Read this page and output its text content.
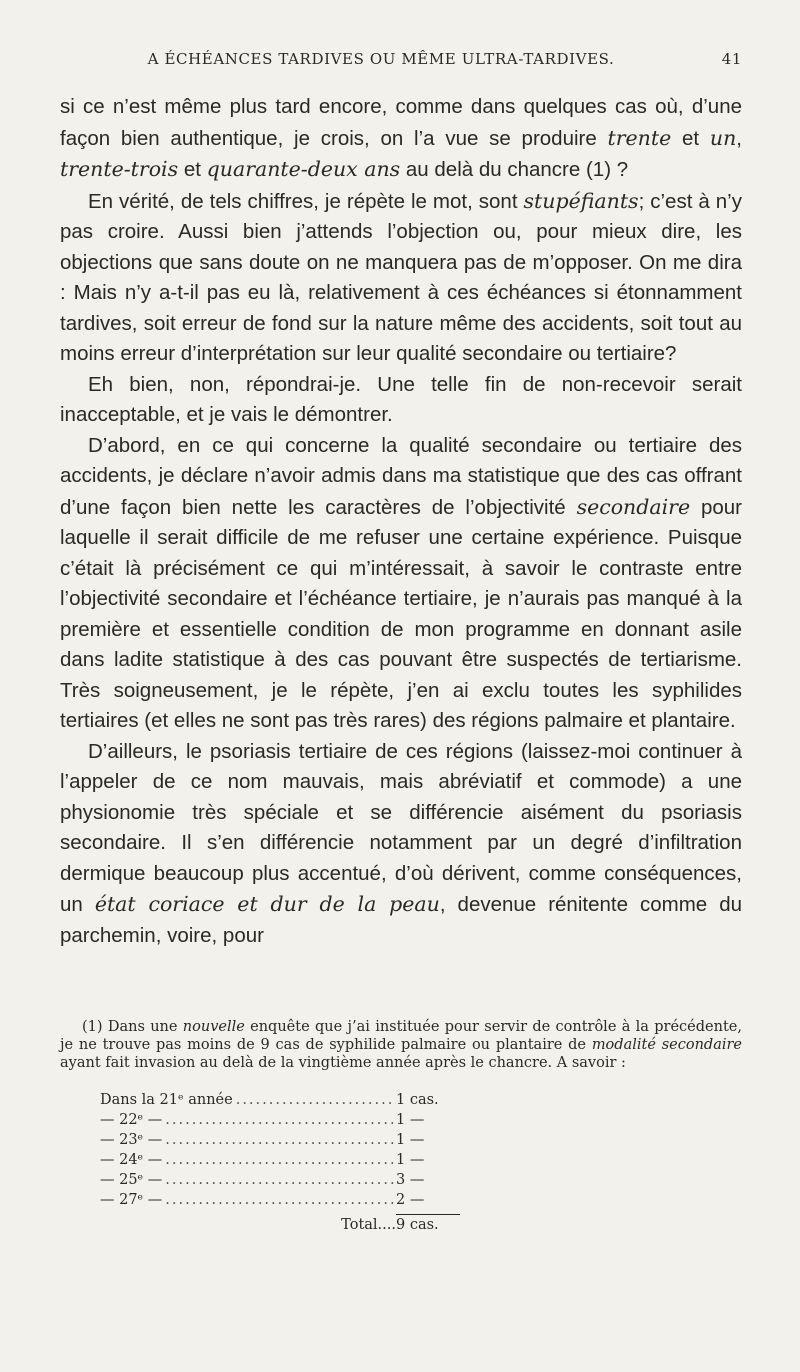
A ÉCHÉANCES TARDIVES OU MÊME ULTRA-TARDIVES.	41

si ce n’est même plus tard encore, comme dans quelques cas où, d’une façon bien authentique, je crois, on l’a vue se produire trente et un, trente-trois et quarante-deux ans au delà du chancre (1) ?

En vérité, de tels chiffres, je répète le mot, sont stupéfiants; c’est à n’y pas croire. Aussi bien j’attends l’objection ou, pour mieux dire, les objections que sans doute on ne manquera pas de m’opposer. On me dira : Mais n’y a-t-il pas eu là, relativement à ces échéances si étonnamment tardives, soit erreur de fond sur la nature même des accidents, soit tout au moins erreur d’interprétation sur leur qualité secondaire ou tertiaire?

Eh bien, non, répondrai-je. Une telle fin de non-recevoir serait inacceptable, et je vais le démontrer.

D’abord, en ce qui concerne la qualité secondaire ou tertiaire des accidents, je déclare n’avoir admis dans ma statistique que des cas offrant d’une façon bien nette les caractères de l’objectivité secondaire pour laquelle il serait difficile de me refuser une certaine expérience. Puisque c’était là précisément ce qui m’intéressait, à savoir le contraste entre l’objectivité secondaire et l’échéance tertiaire, je n’aurais pas manqué à la première et essentielle condition de mon programme en donnant asile dans ladite statistique à des cas pouvant être suspectés de tertiarisme. Très soigneusement, je le répète, j’en ai exclu toutes les syphilides tertiaires (et elles ne sont pas très rares) des régions palmaire et plantaire.

D’ailleurs, le psoriasis tertiaire de ces régions (laissez-moi continuer à l’appeler de ce nom mauvais, mais abréviatif et commode) a une physionomie très spéciale et se différencie aisément du psoriasis secondaire. Il s’en différencie notamment par un degré d’infiltration dermique beaucoup plus accentué, d’où dérivent, comme conséquences, un état coriace et dur de la peau, devenue rénitente comme du parchemin, voire, pour

(1) Dans une nouvelle enquête que j’ai instituée pour servir de contrôle à la précédente, je ne trouve pas moins de 9 cas de syphilide palmaire ou plantaire de modalité secondaire ayant fait invasion au delà de la vingtième année après le chancre. A savoir :

Dans la 21ᵉ année .....	1 cas.
— 22ᵉ — .....	1 —
— 23ᵉ — .....	1 —
— 24ᵉ — .....	1 —
— 25ᵉ — .....	3 —
— 27ᵉ — .....	2 —
Total.... 9 cas.
